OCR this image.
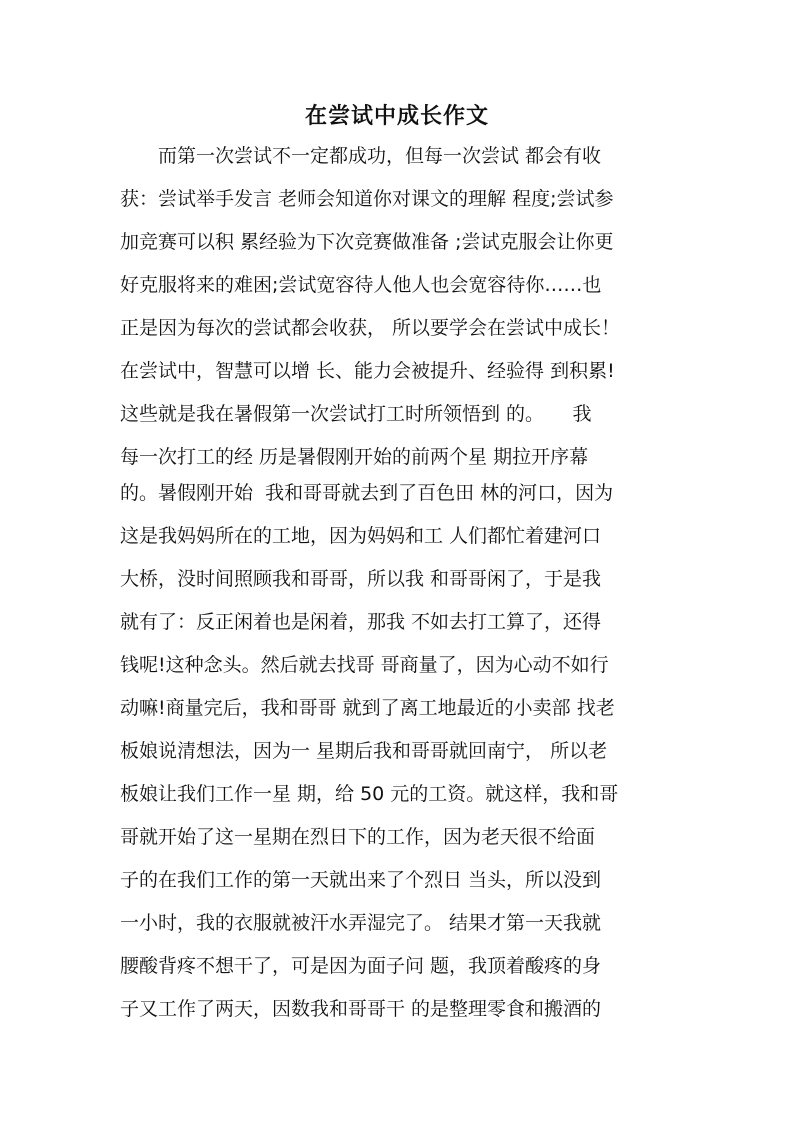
在尝试中成长作文
　　而第一次尝试不一定都成功，但每一次尝试 都会有收
获：尝试举手发言 老师会知道你对课文的理解 程度;尝试参
加竞赛可以积 累经验为下次竞赛做准备 ;尝试克服会让你更
好克服将来的难困;尝试宽容待人他人也会宽容待你……也
正是因为每次的尝试都会收获， 所以要学会在尝试中成长！
在尝试中，智慧可以增 长、能力会被提升、经验得 到积累!
这些就是我在暑假第一次尝试打工时所领悟到 的。　　我
每一次打工的经 历是暑假刚开始的前两个星 期拉开序幕
的。暑假刚开始  我和哥哥就去到了百色田 林的河口，因为
这是我妈妈所在的工地，因为妈妈和工 人们都忙着建河口
大桥，没时间照顾我和哥哥，所以我 和哥哥闲了，于是我
就有了：反正闲着也是闲着，那我 不如去打工算了，还得
钱呢!这种念头。然后就去找哥 哥商量了，因为心动不如行
动嘛!商量完后，我和哥哥 就到了离工地最近的小卖部 找老
板娘说清想法，因为一 星期后我和哥哥就回南宁， 所以老
板娘让我们工作一星 期，给 50 元的工资。就这样，我和哥
哥就开始了这一星期在烈日下的工作，因为老天很不给面
子的在我们工作的第一天就出来了个烈日 当头，所以没到
一小时，我的衣服就被汗水弄湿完了。 结果才第一天我就
腰酸背疼不想干了，可是因为面子问 题，我顶着酸疼的身
子又工作了两天，因数我和哥哥干 的是整理零食和搬酒的
